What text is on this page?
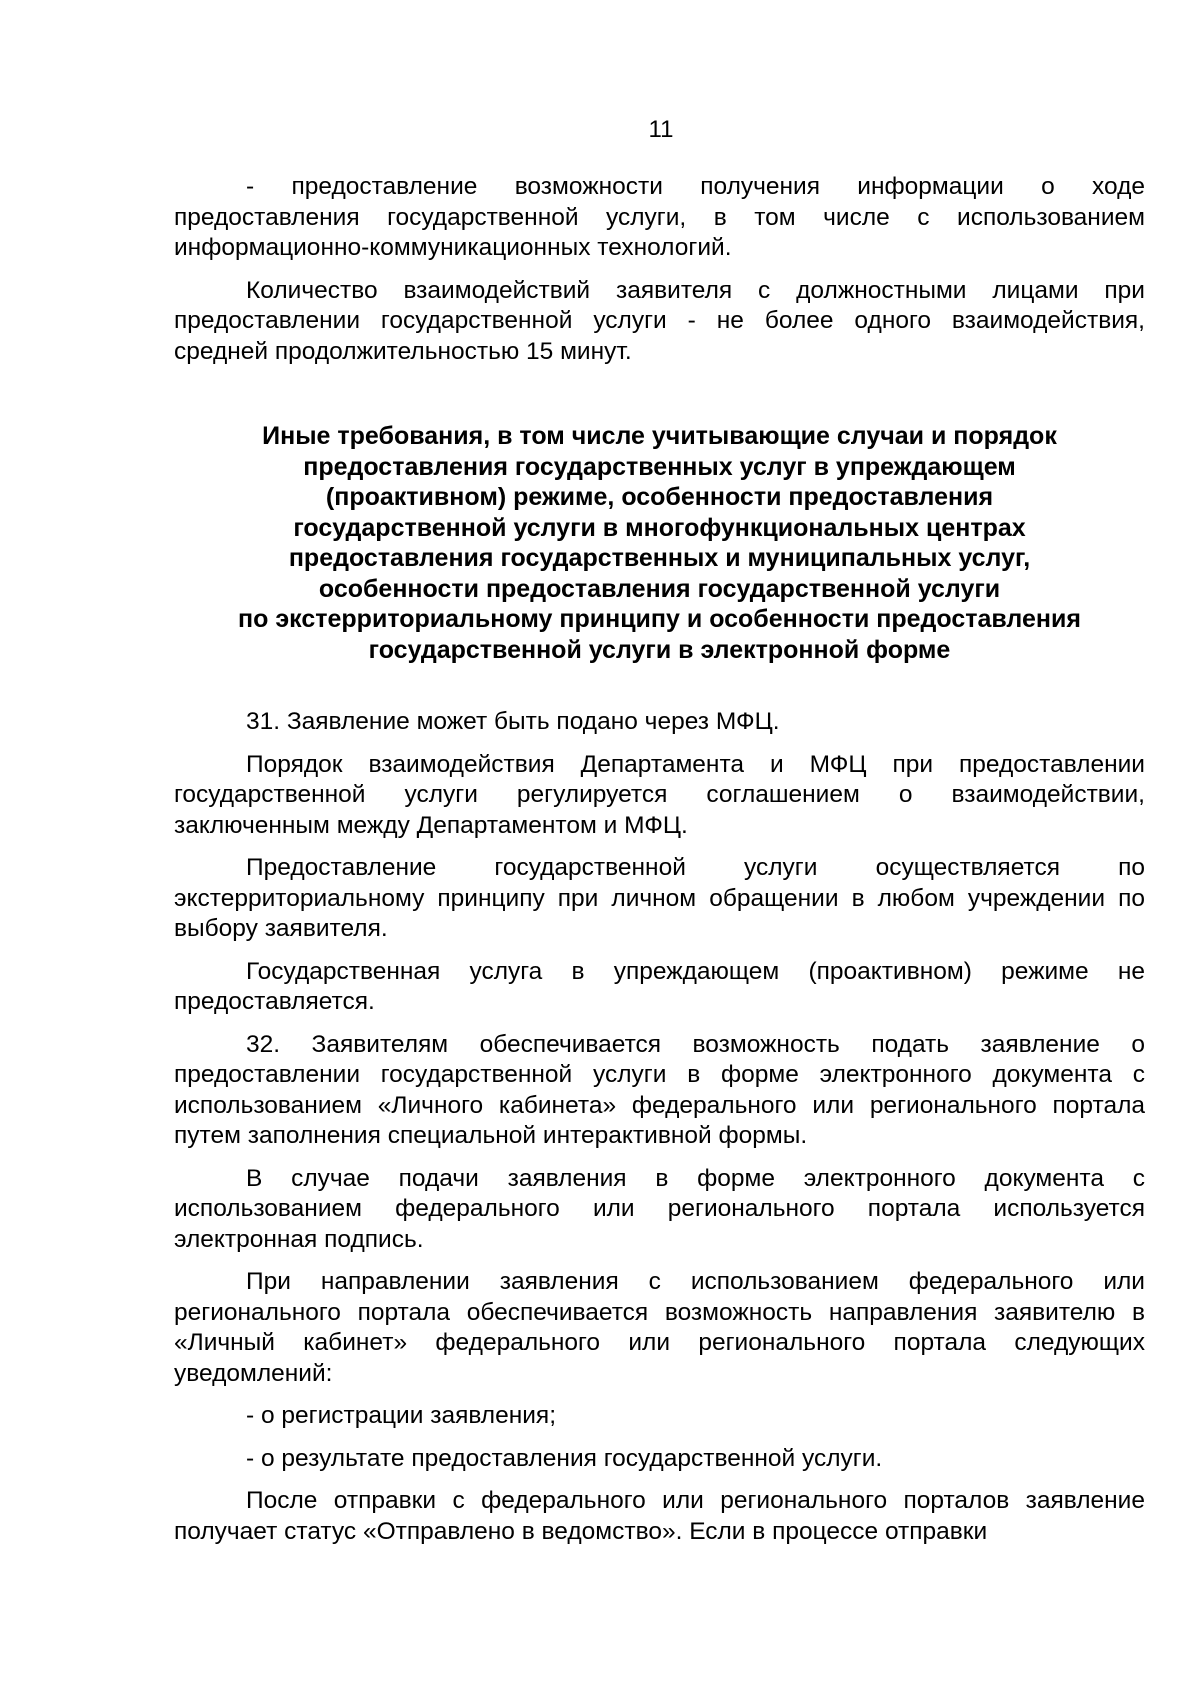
11

- предоставление возможности получения информации о ходе предоставления государственной услуги, в том числе с использованием информационно-коммуникационных технологий.

Количество взаимодействий заявителя с должностными лицами при предоставлении государственной услуги - не более одного взаимодействия, средней продолжительностью 15 минут.

Иные требования, в том числе учитывающие случаи и порядок
предоставления государственных услуг в упреждающем
(проактивном) режиме, особенности предоставления
государственной услуги в многофункциональных центрах
предоставления государственных и муниципальных услуг,
особенности предоставления государственной услуги
по экстерриториальному принципу и особенности предоставления
государственной услуги в электронной форме

31. Заявление может быть подано через МФЦ.

Порядок взаимодействия Департамента и МФЦ при предоставлении государственной услуги регулируется соглашением о взаимодействии, заключенным между Департаментом и МФЦ.

Предоставление государственной услуги осуществляется по экстерриториальному принципу при личном обращении в любом учреждении по выбору заявителя.

Государственная услуга в упреждающем (проактивном) режиме не предоставляется.

32. Заявителям обеспечивается возможность подать заявление о предоставлении государственной услуги в форме электронного документа с использованием «Личного кабинета» федерального или регионального портала путем заполнения специальной интерактивной формы.

В случае подачи заявления в форме электронного документа с использованием федерального или регионального портала используется электронная подпись.

При направлении заявления с использованием федерального или регионального портала обеспечивается возможность направления заявителю в «Личный кабинет» федерального или регионального портала следующих уведомлений:

- о регистрации заявления;

- о результате предоставления государственной услуги.

После отправки с федерального или регионального порталов заявление получает статус «Отправлено в ведомство». Если в процессе отправки
